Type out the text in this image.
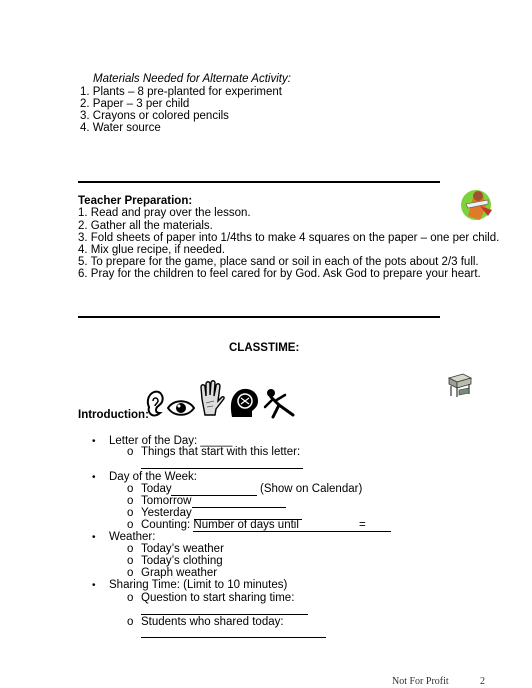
Materials Needed for Alternate Activity:
1. Plants – 8 pre-planted for experiment
2. Paper – 3 per child
3. Crayons or colored pencils
4. Water source
Teacher Preparation:
1. Read and pray over the lesson.
2. Gather all the materials.
3. Fold sheets of paper into 1/4ths to make 4 squares on the paper – one per child.
4. Mix glue recipe, if needed.
5. To prepare for the game, place sand or soil in each of the pots about 2/3 full.
6. Pray for the children to feel cared for by God. Ask God to prepare your heart.
CLASSTIME:
Introduction:
• Letter of the Day: _____
o Things that start with this letter:
• Day of the Week:
o Today	(Show on Calendar)
o Tomorrow
o Yesterday
o Counting: Number of days until	=
• Weather:
o Today’s weather
o Today’s clothing
o Graph weather
• Sharing Time: (Limit to 10 minutes)
o Question to start sharing time:
o Students who shared today:
Not For Profit	2
